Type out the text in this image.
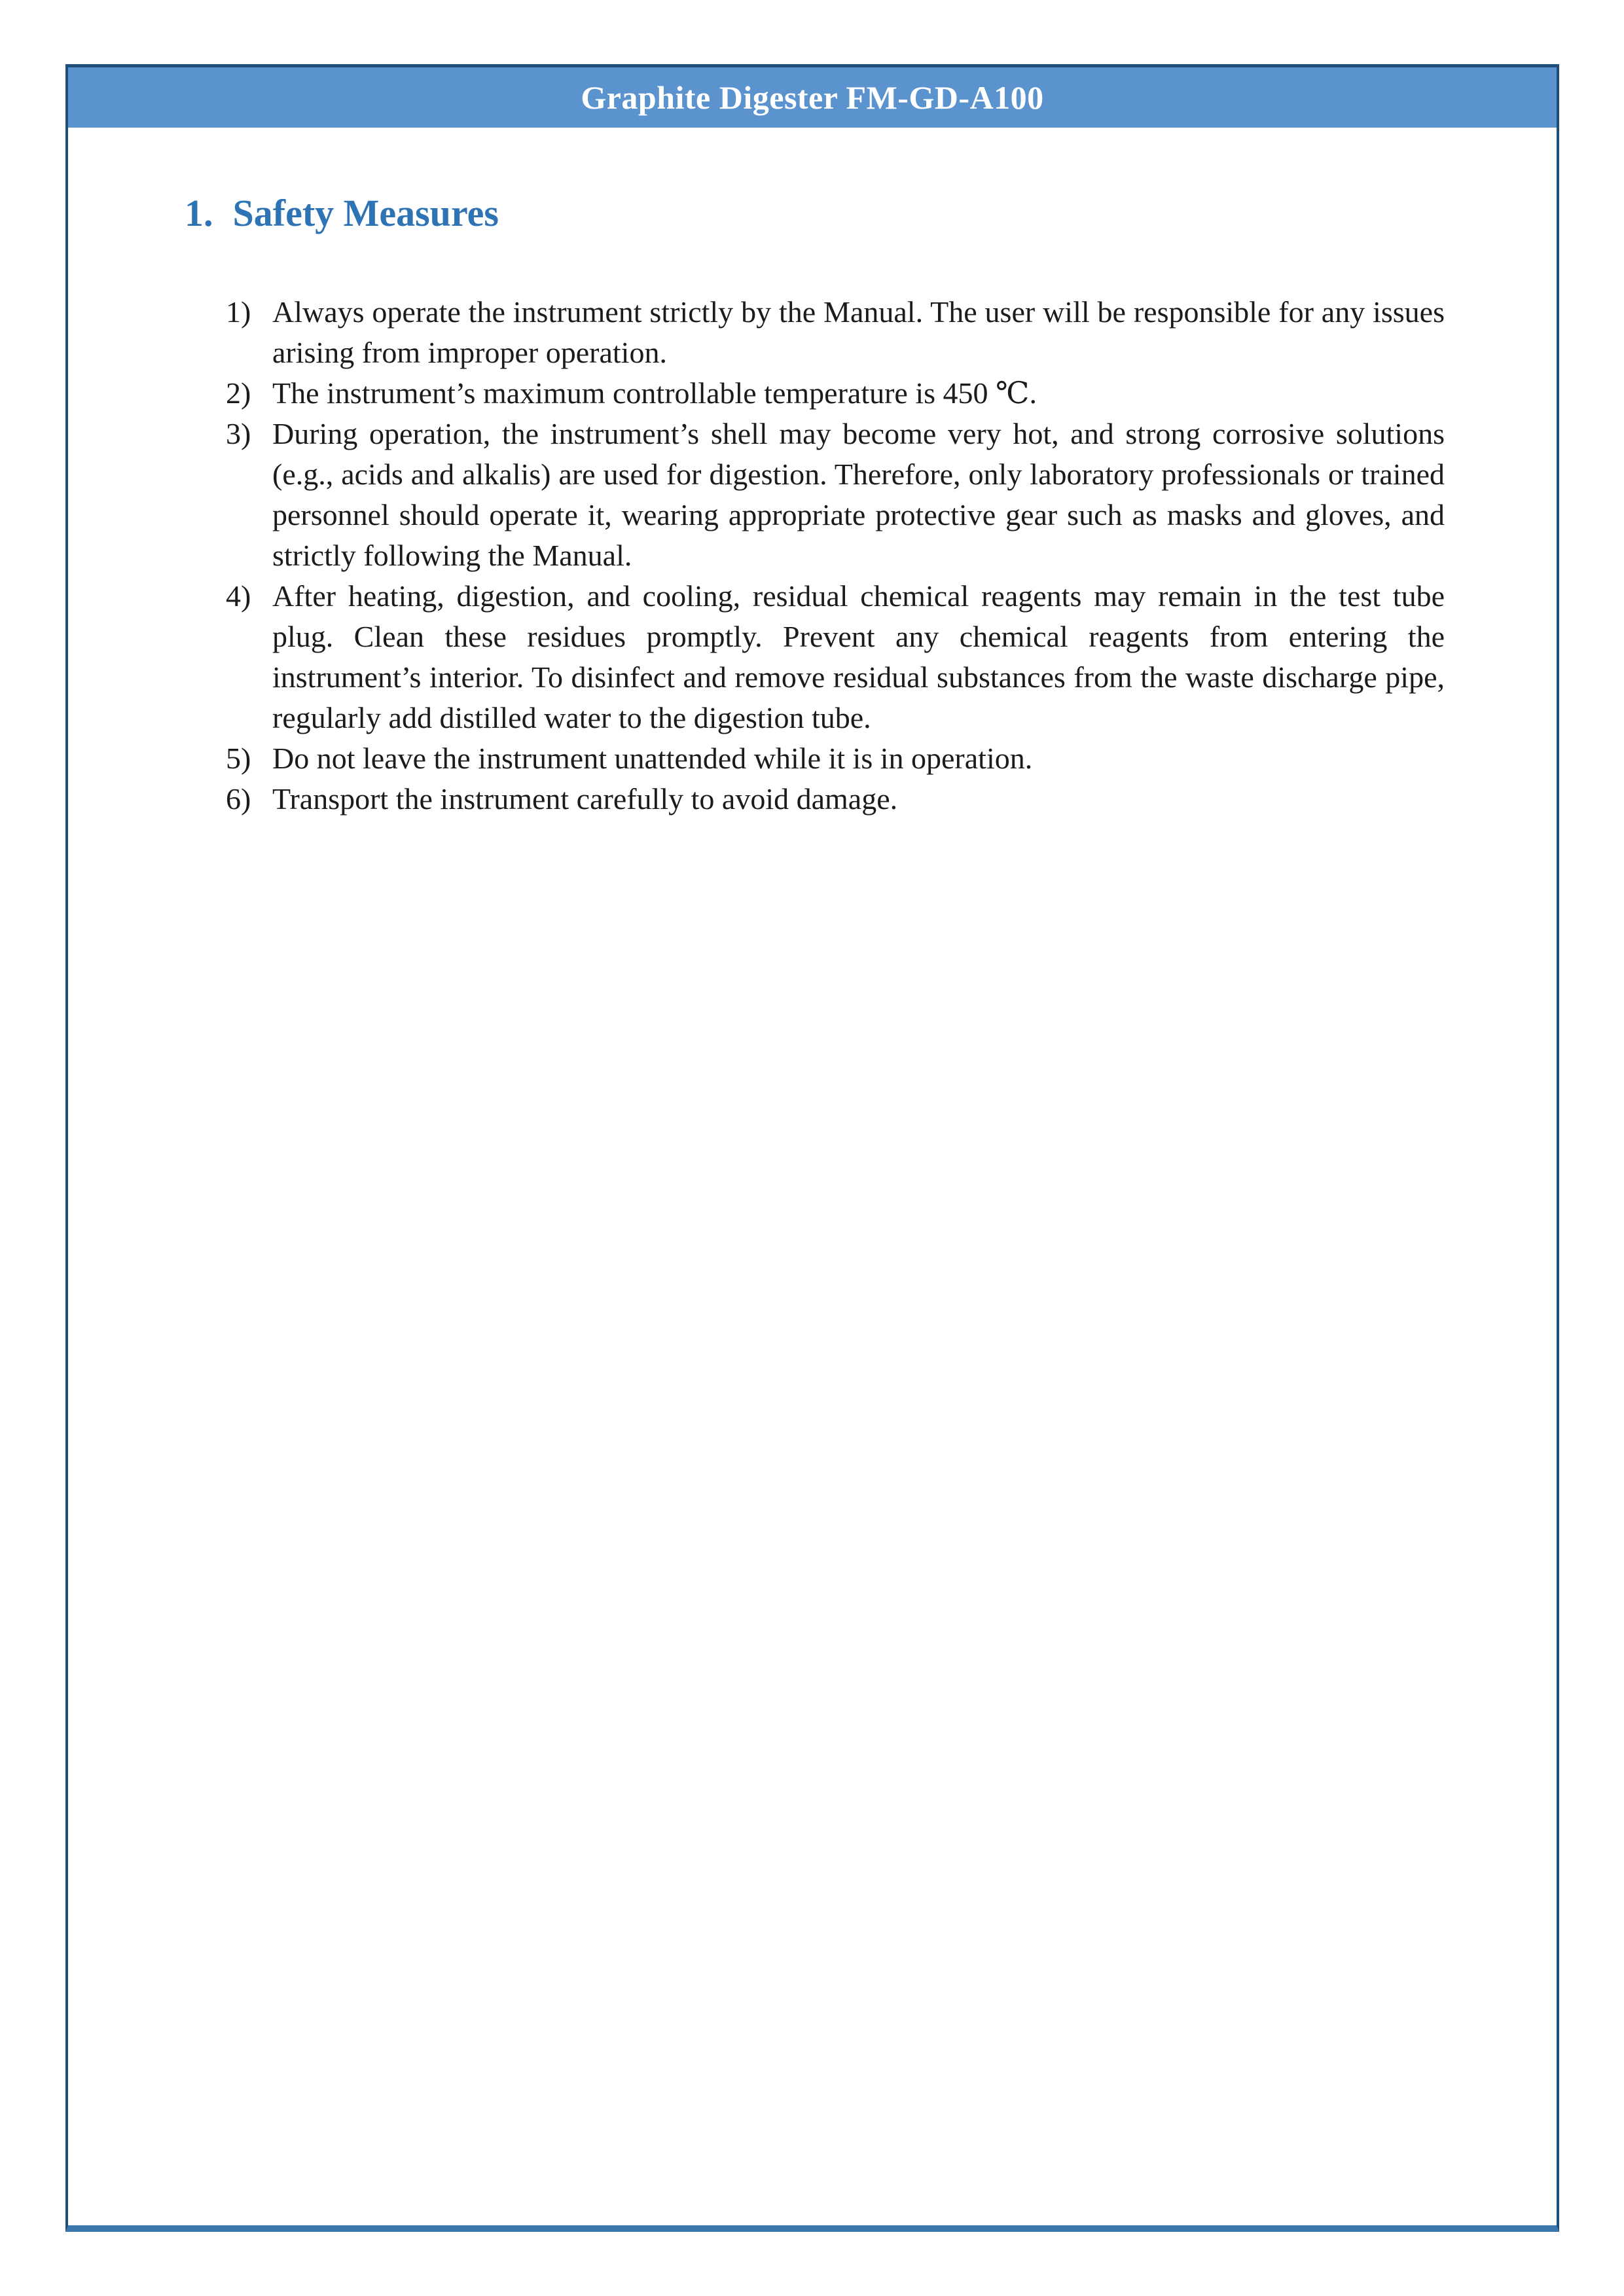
Graphite Digester FM-GD-A100
1. Safety Measures
1) Always operate the instrument strictly by the Manual. The user will be responsible for any issues arising from improper operation.
2) The instrument’s maximum controllable temperature is 450 ℃.
3) During operation, the instrument’s shell may become very hot, and strong corrosive solutions (e.g., acids and alkalis) are used for digestion. Therefore, only laboratory professionals or trained personnel should operate it, wearing appropriate protective gear such as masks and gloves, and strictly following the Manual.
4) After heating, digestion, and cooling, residual chemical reagents may remain in the test tube plug. Clean these residues promptly. Prevent any chemical reagents from entering the instrument’s interior. To disinfect and remove residual substances from the waste discharge pipe, regularly add distilled water to the digestion tube.
5) Do not leave the instrument unattended while it is in operation.
6) Transport the instrument carefully to avoid damage.
